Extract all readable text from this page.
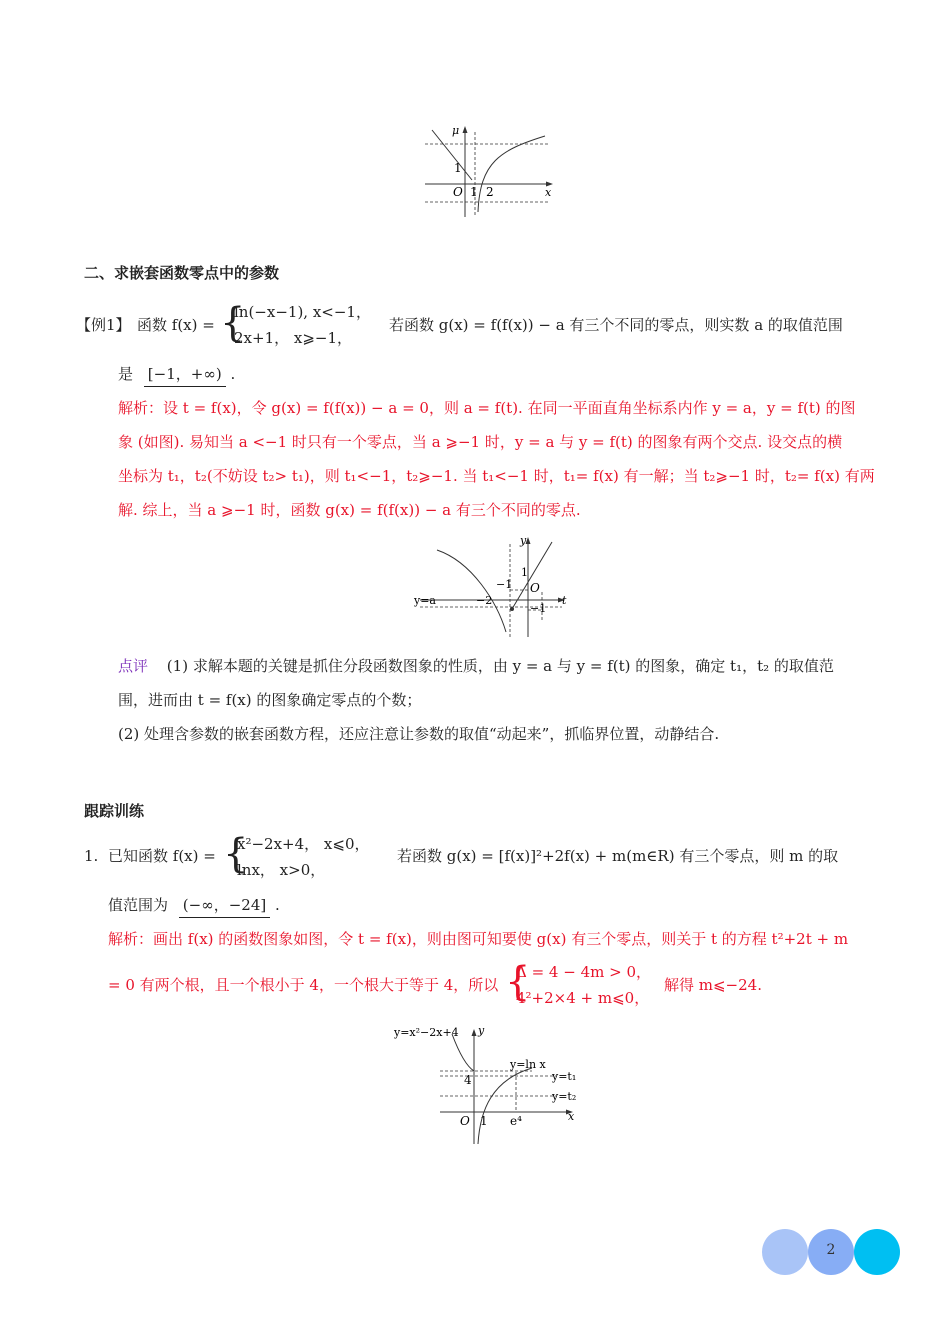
μ
x
O 1 2
1
二、求嵌套函数零点中的参数
【例1】 函数 f(x) = {
ln(−x−1), x<−1，
2x+1， x⩾−1，
若函数 g(x) = f(f(x)) − a 有三个不同的零点，则实数 a 的取值范围
是 [−1，+∞) .
解析：设 t = f(x)，令 g(x) = f(f(x)) − a = 0，则 a = f(t). 在同一平面直角坐标系内作 y = a，y = f(t) 的图
象 (如图). 易知当 a <−1 时只有一个零点，当 a ⩾−1 时，y = a 与 y = f(t) 的图象有两个交点. 设交点的横
坐标为 t₁，t₂(不妨设 t₂> t₁)，则 t₁<−1，t₂⩾−1. 当 t₁<−1 时，t₁= f(x) 有一解；当 t₂⩾−1 时，t₂= f(x) 有两
解. 综上，当 a ⩾−1 时，函数 g(x) = f(f(x)) − a 有三个不同的零点.
y
t
O
y=a	−2
−1
1
−1
点评 (1) 求解本题的关键是抓住分段函数图象的性质，由 y = a 与 y = f(t) 的图象，确定 t₁，t₂ 的取值范
围，进而由 t = f(x) 的图象确定零点的个数；
(2) 处理含参数的嵌套函数方程，还应注意让参数的取值“动起来”，抓临界位置，动静结合.
跟踪训练
1. 已知函数 f(x) = {
x²−2x+4， x⩽0，
lnx， x>0，
若函数 g(x) = [f(x)]²+2f(x) + m(m∈R) 有三个零点，则 m 的取
值范围为 (−∞，−24] .
解析：画出 f(x) 的函数图象如图，令 t = f(x)，则由图可知要使 g(x) 有三个零点，则关于 t 的方程 t²+2t + m
= 0 有两个根，且一个根小于 4，一个根大于等于 4，所以 {
Δ = 4 − 4m > 0，
4²+2×4 + m⩽0，
解得 m⩽−24.
y=x²−2x+4 y
y=ln x
y=t₁
y=t₂
4
O 1 e⁴	x
2
